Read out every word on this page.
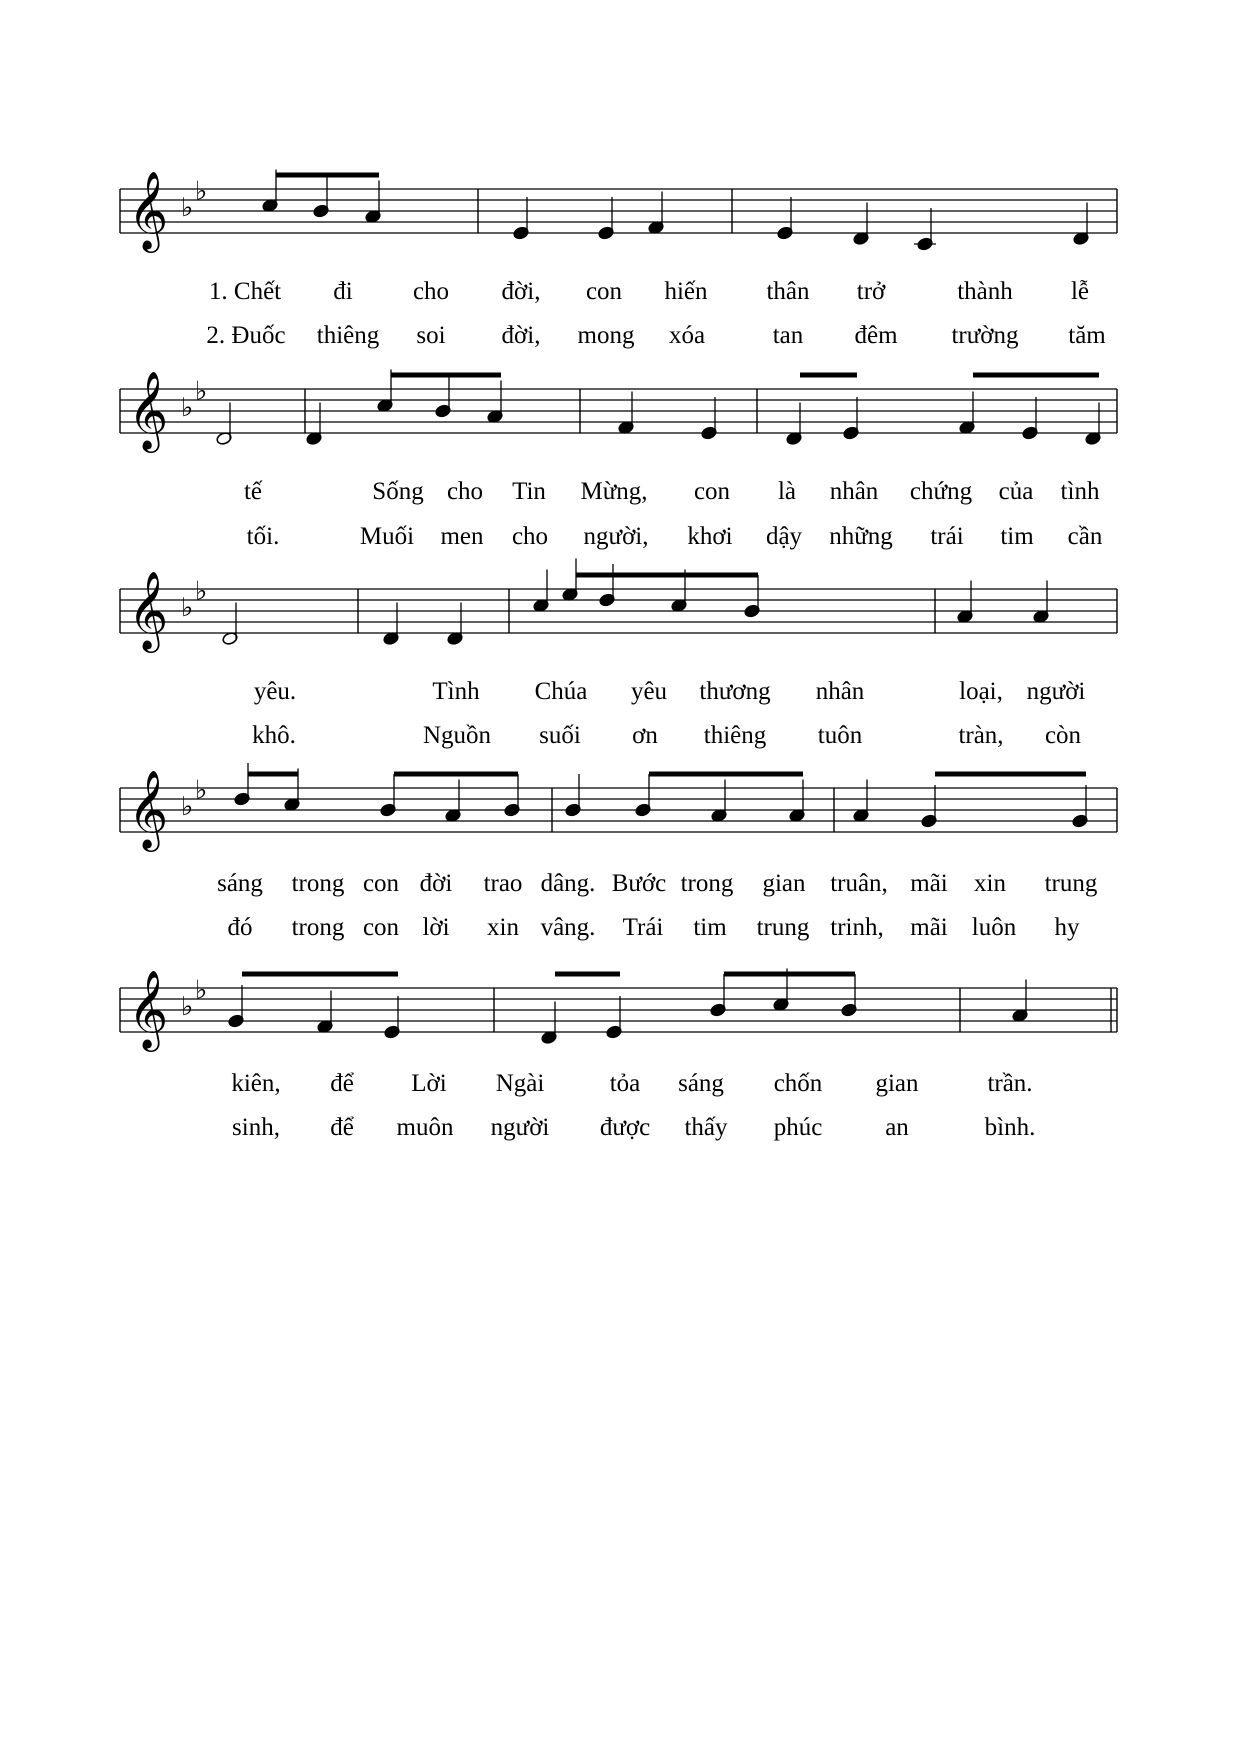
𝄞 ♭
♭
𝄞 ♭
♭
𝄞 ♭
♭
𝄞 ♭
♭
𝄞 ♭
♭
1. Chết đi cho đời, con hiến thân trở	thành lễ
2. Đuốc thiêng soi đời, mong xóa	tan đêm trường tăm
tế	Sống cho Tin Mừng, con là nhân chứng của tình
tối.	Muối men cho người, khơi dậy những trái tim cần
yêu.	Tình Chúa yêu thương nhân	loại, người
khô.	Nguồn suối ơn thiêng tuôn	tràn, còn
sáng trong con đời trao dâng. Bước trong gian truân, mãi xin trung
đó trong con lời xin vâng. Trái tim trung trinh, mãi luôn hy
kiên, để Lời Ngài	tỏa sáng chốn gian	trần.
sinh, để muôn người được thấy phúc	an	bình.
